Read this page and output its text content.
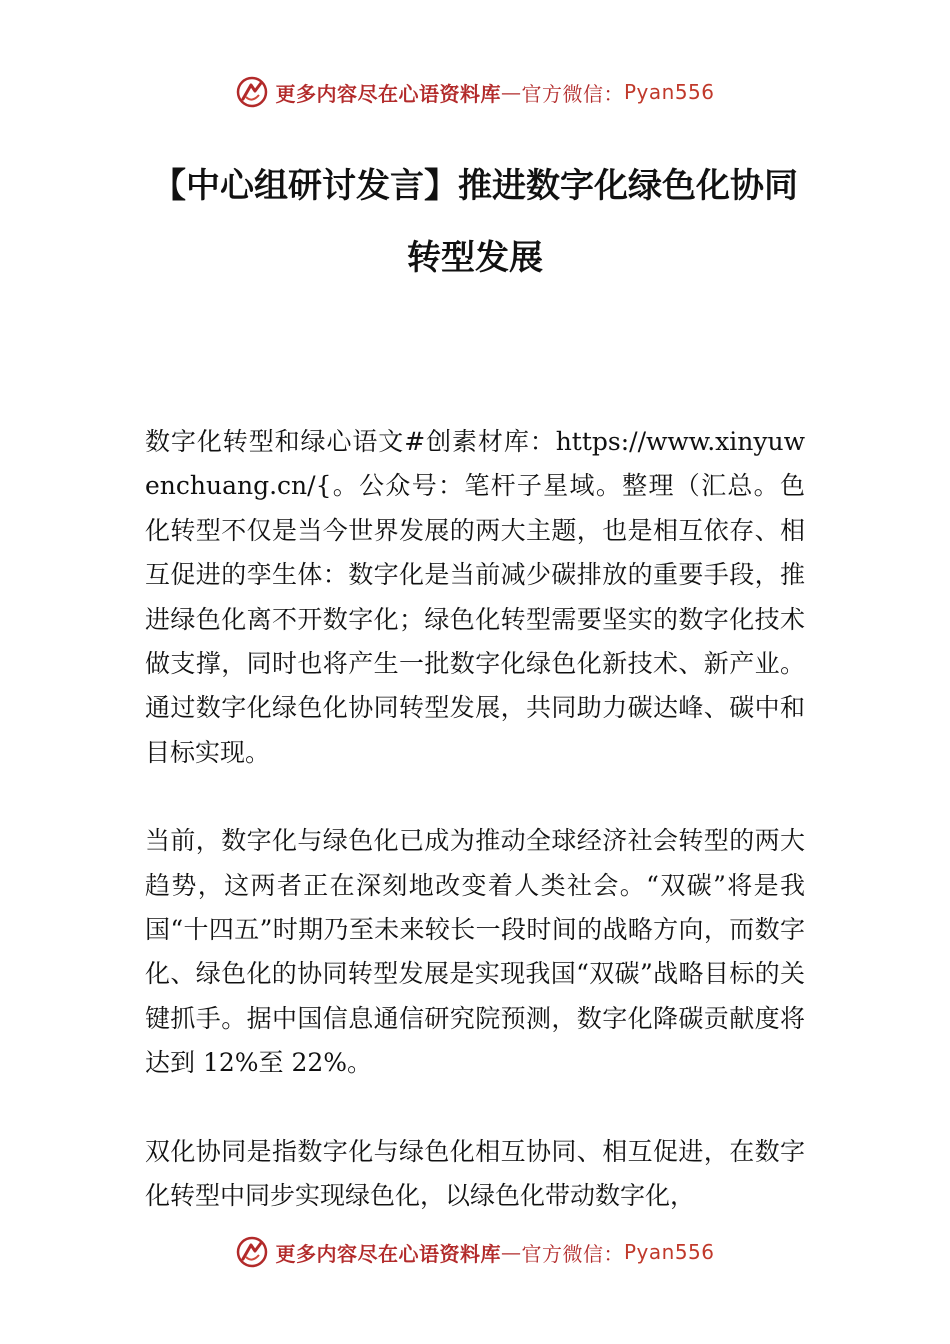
更多内容尽在心语资料库 — 官方微信： Pyan556
【中心组研讨发言】推进数字化绿色化协同
转型发展

数字化转型和绿心语文#创素材库：https://www.xinyuwenchuang.cn/{。公众号：笔杆子星域。整理（汇总。色化转型不仅是当今世界发展的两大主题，也是相互依存、相互促进的孪生体：数字化是当前减少碳排放的重要手段，推进绿色化离不开数字化；绿色化转型需要坚实的数字化技术做支撑，同时也将产生一批数字化绿色化新技术、新产业。通过数字化绿色化协同转型发展，共同助力碳达峰、碳中和目标实现。

当前，数字化与绿色化已成为推动全球经济社会转型的两大趋势，这两者正在深刻地改变着人类社会。“双碳”将是我国“十四五”时期乃至未来较长一段时间的战略方向，而数字化、绿色化的协同转型发展是实现我国“双碳”战略目标的关键抓手。据中国信息通信研究院预测，数字化降碳贡献度将达到 12%至 22%。

双化协同是指数字化与绿色化相互协同、相互促进，在数字化转型中同步实现绿色化，以绿色化带动数字化，

更多内容尽在心语资料库 — 官方微信： Pyan556
